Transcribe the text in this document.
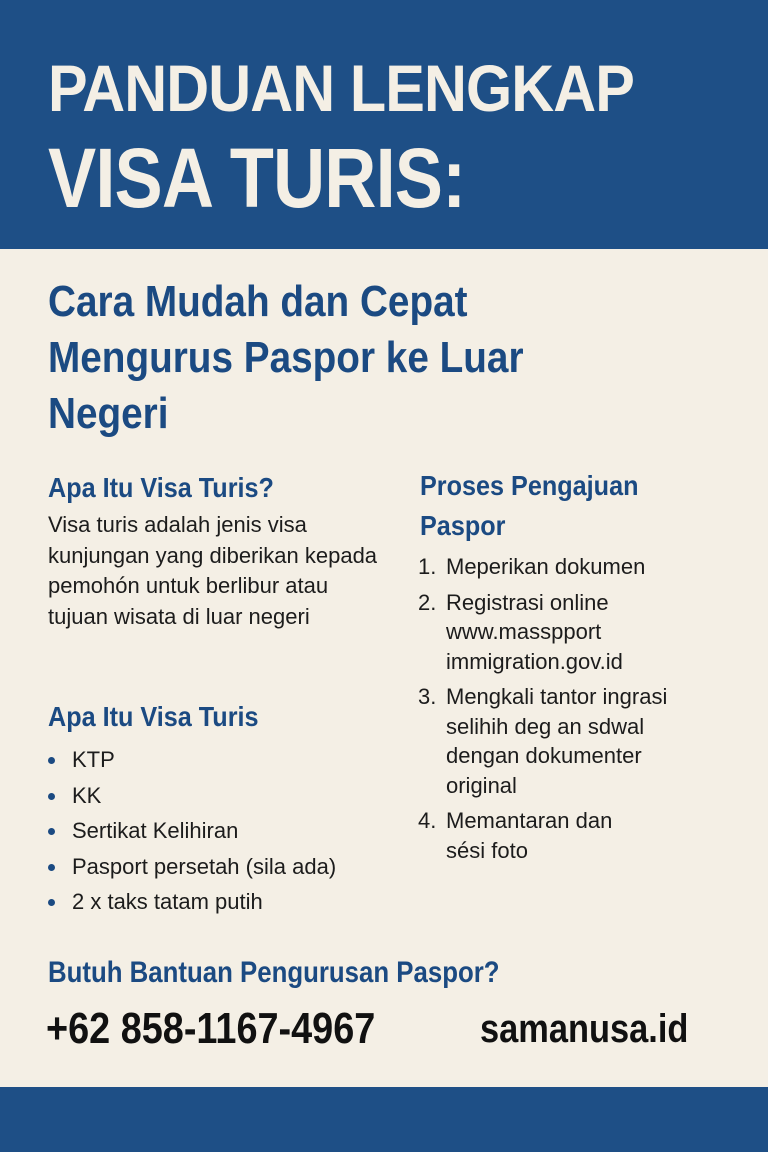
PANDUAN LENGKAP
VISA TURIS:
Cara Mudah dan Cepat Mengurus Paspor ke Luar Negeri
Apa Itu Visa Turis?

Visa turis adalah jenis visa kunjungan yang diberikan kepada pemohón untuk berlibur atau tujuan wisata di luar negeri

Apa Itu Visa Turis
KTP
KK
Sertikat Kelihiran
Pasport persetah (sila ada)
2 x taks tatam putih
Proses Pengajuan Paspor
1. Meperikan dokumen
2. Registrasi online
www.masspport
immigration.gov.id
3. Mengkali tantor ingrasi
selihih deg an sdwal
dengan dokumenter
original
4. Memantaran dan
sési foto
Butuh Bantuan Pengurusan Paspor?
+62 858-1167-4967	samanusa.id
